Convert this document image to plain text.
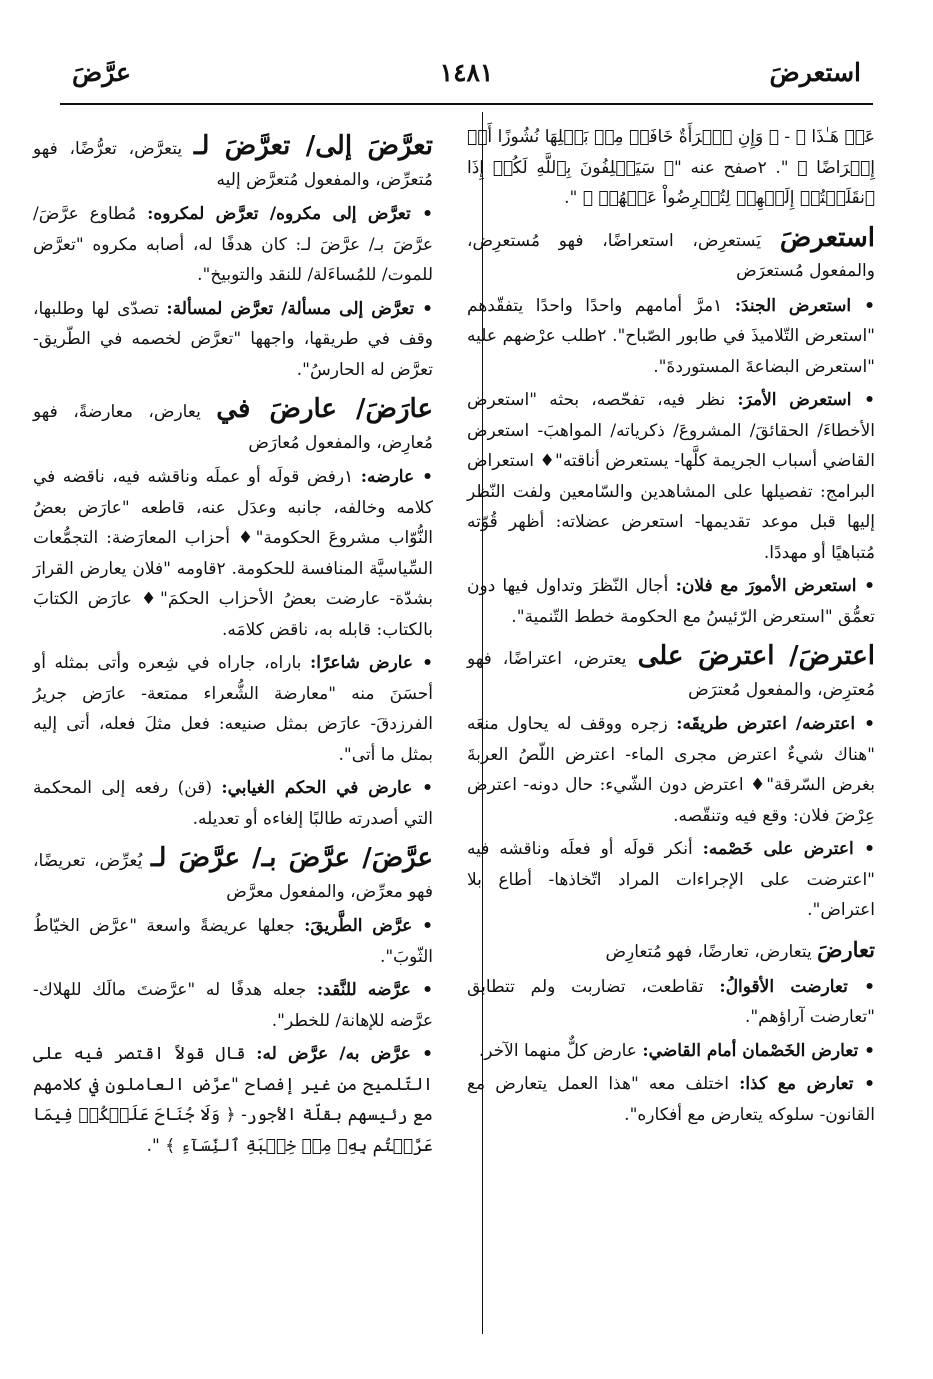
استعرضَ
١٤٨١
عرَّضَ

عَنۡ هَـٰذَا ﴾ - ﴿ وَإِنِ ٱمۡرَأَةٌ خَافَتۡ مِنۢ بَعۡلِهَا نُشُوزًا أَوۡ إِعۡرَاضًا ﴾ ". ٢صفح عنه "﴿ سَيَحۡلِفُونَ بِٱللَّهِ لَكُمۡ إِذَا ٱنقَلَبۡتُمۡ إِلَيۡهِمۡ لِتُعۡرِضُواْ عَنۡهُمۡ ﴾ ".

استعرضَ يَستعرِض، استعراضًا، فهو مُستعرِض، والمفعول مُستعرَض

• استعرض الجندَ: ١مرَّ أمامهم واحدًا واحدًا يتفقّدهم "استعرض التّلاميذَ في طابور الصّباح". ٢طلب عرْضهم عليه "استعرض البضاعةَ المستوردةَ".

• استعرض الأمرَ: نظر فيه، تفحّصه، بحثه "استعرض الأخطاءَ/ الحقائقَ/ المشروعَ/ ذكرياته/ المواهبَ- استعرض القاضي أسباب الجريمة كلَّها- يستعرض أناقته"♦ استعراض البرامج: تفصيلها على المشاهدين والسّامعين ولفت النّظر إليها قبل موعد تقديمها- استعرض عضلاته: أظهر قُوّته مُتباهيًا أو مهددًا.

• استعرض الأمورَ مع فلان: أجال النّظرَ وتداول فيها دون تعمُّق "استعرض الرّئيسُ مع الحكومة خطط التّنمية".

اعترضَ/ اعترضَ على يعترض، اعتراضًا، فهو مُعترِض، والمفعول مُعترَض

• اعترضه/ اعترض طريقَه: زجره ووقف له يحاول منعَه "هناك شيءٌ اعترض مجرى الماء- اعترض اللّصُ العربةَ بغرض السّرقة"♦ اعترض دون الشّيء: حال دونه- اعترض عِرْضَ فلان: وقع فيه وتنقّصه.

• اعترض على خَصْمه: أنكر قولَه أو فعلَه وناقشه فيه "اعترضت على الإجراءات المراد اتّخاذها- أطاع بلا اعتراض".

تعارضَ يتعارض، تعارضًا، فهو مُتعارِض

• تعارضت الأقوالُ: تقاطعت، تضاربت ولم تتطابق "تعارضت آراؤهم".

• تعارض الخَصْمان أمام القاضي: عارض كلٌّ منهما الآخر.

• تعارض مع كذا: اختلف معه "هذا العمل يتعارض مع القانون- سلوكه يتعارض مع أفكاره".

تعرَّضَ إلى/ تعرَّضَ لـ يتعرَّض، تعرُّضًا، فهو مُتعرِّض، والمفعول مُتعرَّض إليه

• تعرَّض إلى مكروه/ تعرَّض لمكروه: مُطاوع عرَّضَ/ عرَّضَ بـ/ عرَّضَ لـ: كان هدفًا له، أصابه مكروه "تعرَّض للموت/ للمُساءَلة/ للنقد والتوبيخ".

• تعرَّض إلى مسألة/ تعرَّض لمسألة: تصدّى لها وطلبها، وقف في طريقها، واجهها "تعرَّض لخصمه في الطّريق- تعرَّض له الحارسُ".

عارَضَ/ عارضَ في يعارض، معارضةً، فهو مُعارِض، والمفعول مُعارَض

• عارضه: ١رفض قولَه أو عملَه وناقشه فيه، ناقضه في كلامه وخالفه، جانبه وعدَل عنه، قاطعه "عارَض بعضُ النُّوّاب مشروعَ الحكومة"♦ أحزاب المعارَضة: التجمُّعات السِّياسيَّة المنافسة للحكومة. ٢قاومه "فلان يعارض القرارَ بشدّة- عارضت بعضُ الأحزاب الحكمَ"♦ عارَض الكتابَ بالكتاب: قابله به، ناقض كلامَه.

• عارض شاعرًا: باراه، جاراه في شِعره وأتى بمثله أو أحسَنَ منه "معارضة الشُّعراء ممتعة- عارَض جريرُ الفرزدقَ- عارَض بمثل صنيعه: فعل مثلَ فعله، أتى إليه بمثل ما أتى".

• عارض في الحكم الغيابي: (قن) رفعه إلى المحكمة التي أصدرته طالبًا إلغاءه أو تعديله.

عرَّضَ/ عرَّضَ بـ/ عرَّضَ لـ يُعرِّض، تعريضًا، فهو معرِّض، والمفعول معرَّض

• عرَّض الطَّريقَ: جعلها عريضةً واسعة "عرَّض الخيّاطُ الثّوبَ".

• عرَّضه للنَّقد: جعله هدفًا له "عرَّضتَ مالَك للهلاك- عرَّضه للإهانة/ للخطر".

• عرَّض به/ عرَّض له: قال قولاً اقتصر فيه على التّلميح من غير إفصاح "عرَّض العاملون في كلامهم مع رئيسهم بقلّة الأجور- ﴿ وَلَا جُنَاحَ عَلَيۡكُمۡ فِيمَا عَرَّضۡتُم بِهِۦ مِنۡ خِطۡبَةِ ٱلنِّسَآءِ ﴾ ".
